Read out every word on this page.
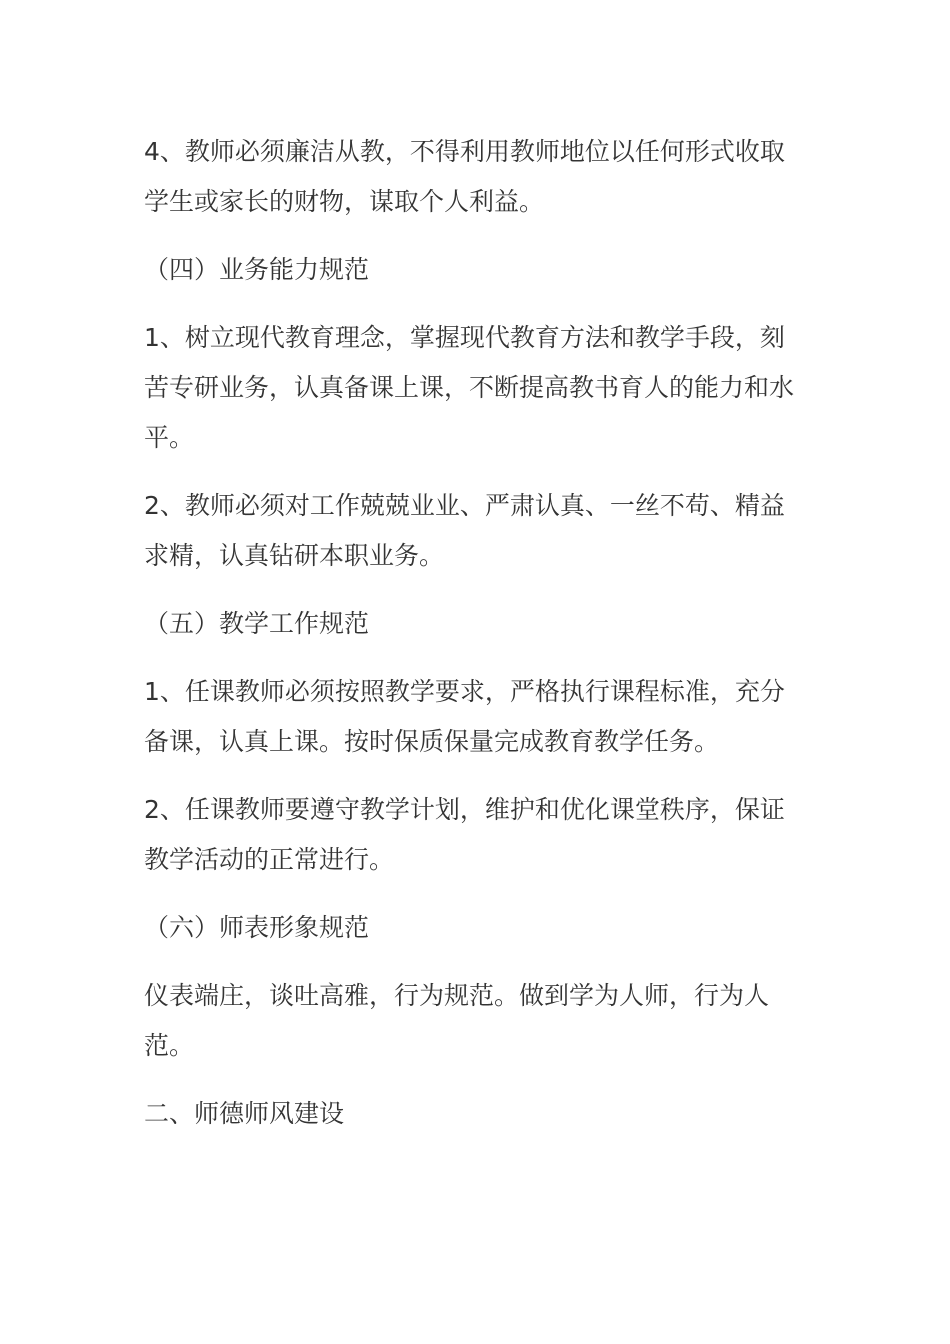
4、教师必须廉洁从教，不得利用教师地位以任何形式收取学生或家长的财物，谋取个人利益。

（四）业务能力规范

1、树立现代教育理念，掌握现代教育方法和教学手段，刻苦专研业务，认真备课上课，不断提高教书育人的能力和水平。

2、教师必须对工作兢兢业业、严肃认真、一丝不苟、精益求精，认真钻研本职业务。

（五）教学工作规范

1、任课教师必须按照教学要求，严格执行课程标准，充分备课，认真上课。按时保质保量完成教育教学任务。

2、任课教师要遵守教学计划，维护和优化课堂秩序，保证教学活动的正常进行。

（六）师表形象规范

仪表端庄，谈吐高雅，行为规范。做到学为人师，行为人范。

二、师德师风建设
